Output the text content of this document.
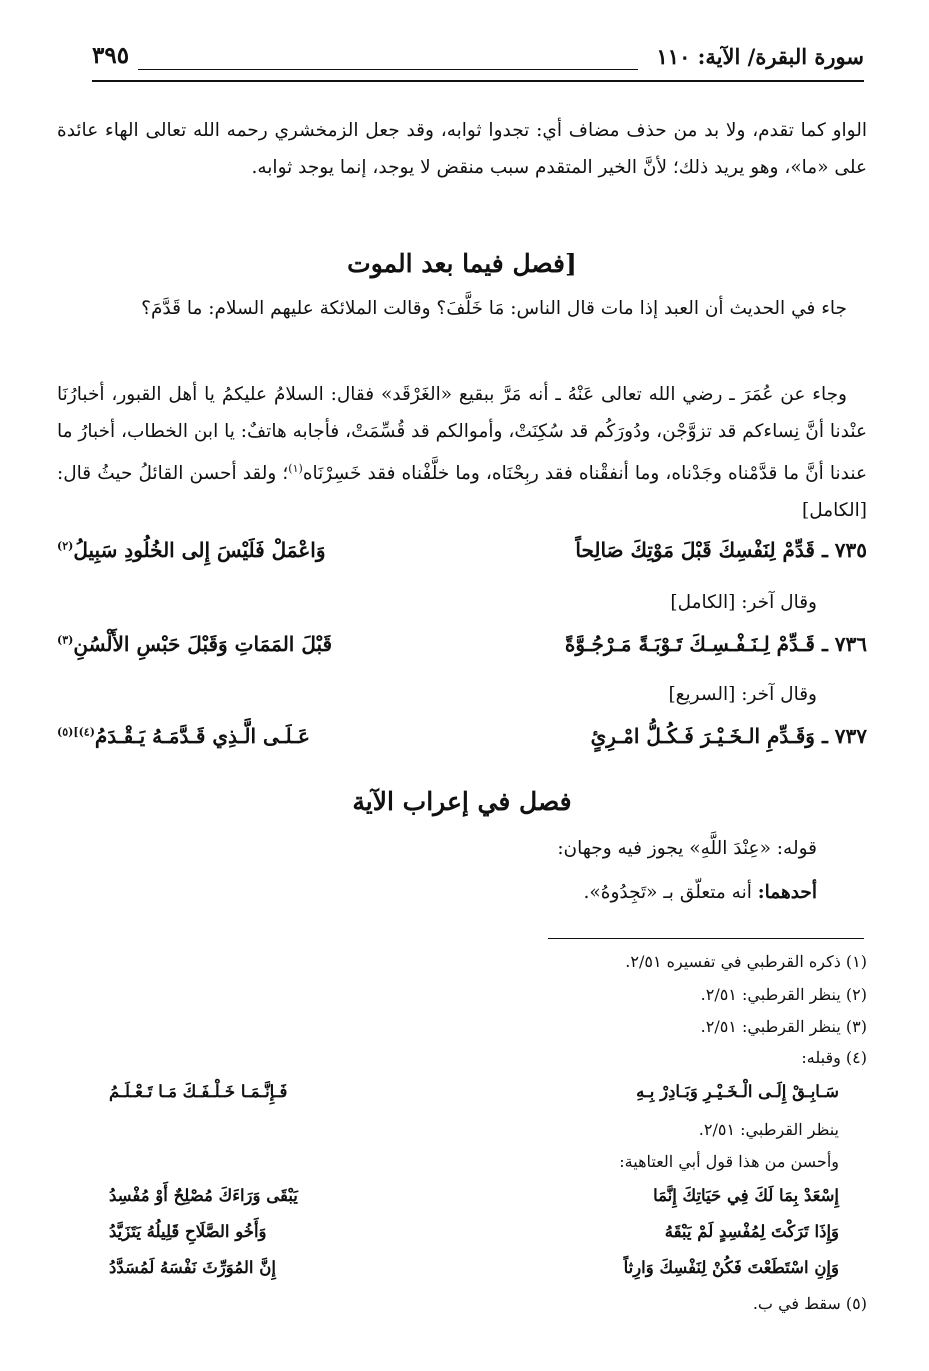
سورة البقرة/ الآية: ١١٠
٣٩٥
الواو كما تقدم، ولا بد من حذف مضاف أي: تجدوا ثوابه، وقد جعل الزمخشري رحمه الله تعالى الهاء عائدة على «ما»، وهو يريد ذلك؛ لأنَّ الخير المتقدم سبب منقض لا يوجد، إنما يوجد ثوابه.
[فصل فيما بعد الموت
جاء في الحديث أن العبد إذا مات قال الناس: مَا خَلَّفَ؟ وقالت الملائكة عليهم السلام: ما قَدَّمَ؟
وجاء عن عُمَرَ ـ رضي الله تعالى عَنْهُ ـ أنه مَرَّ ببقيع «الغَرْقَد» فقال: السلامُ عليكمُ يا أهل القبور، أخبارُنَا عنْدنا أنَّ نِساءكم قد تزوَّجْن، ودُورَكُم قد سُكِنَتْ، وأموالكم قد قُسِّمَتْ، فأجابه هاتفٌ: يا ابن الخطاب، أخبارُ ما عندنا أنَّ ما قدَّمْناه وجَدْناه، وما أنفقْناه فقد ربِحْنَاه، وما خلَّفْناه فقد خَسِرْنَاه$^{(١)}$؛ ولقد أحسن القائلُ حيثُ قال: [الكامل]
٧٣٥ ـ قَدِّمْ لِنَفْسِكَ قَبْلَ مَوْتِكَ صَالِحاً
وَاعْمَلْ فَلَيْسَ إِلى الخُلُودِ سَبِيلُ$^{(٢)}$
وقال آخر: [الكامل]
٧٣٦ ـ قَـدِّمْ لِـنَـفْـسِـكَ تَـوْبَـةً مَـرْجُـوَّةً
قَبْلَ المَمَاتِ وَقَبْلَ حَبْسِ الأَلْسُنِ$^{(٣)}$
وقال آخر: [السريع]
٧٣٧ ـ وَقَـدِّمِ الـخَـيْـرَ فَـكُـلُّ امْـرِئٍ
عَـلَـى الَّـذِي قَـدَّمَـهُ يَـقْـدَمُ$^{(٤)](٥)}$
فصل في إعراب الآية
قوله: «عِنْدَ اللَّهِ» يجوز فيه وجهان:
أحدهما: أنه متعلّق بـ «تَجِدُوهُ».
(١) ذكره القرطبي في تفسيره ٢/٥١.
(٢) ينظر القرطبي: ٢/٥١.
(٣) ينظر القرطبي: ٢/٥١.
(٤) وقبله:
سَـابِـقْ إِلَـى الْـخَـيْـرِ وَبَـادِرْ بِـهِ
فَـإِنَّـمَـا خَـلْـفَـكَ مَـا تَـعْـلَـمُ
ينظر القرطبي: ٢/٥١.
وأحسن من هذا قول أبي العتاهية:
إِسْعَدْ بِمَا لَكَ فِي حَيَاتِكَ إِنَّمَا
يَبْقَى وَرَاءَكَ مُصْلِحٌ أَوْ مُفْسِدُ
وَإِذَا تَرَكْتَ لِمُفْسِدٍ لَمْ يَبْقَهُ
وَأَخُو الصَّلَاحِ قَلِيلُهُ يَتَزَيَّدُ
وَإِنِ اسْتَطَعْتَ فَكُنْ لِنَفْسِكَ وَارِثاً
إِنَّ المُوَرِّثَ نَفْسَهُ لَمُسَدَّدُ
(٥) سقط في ب.
